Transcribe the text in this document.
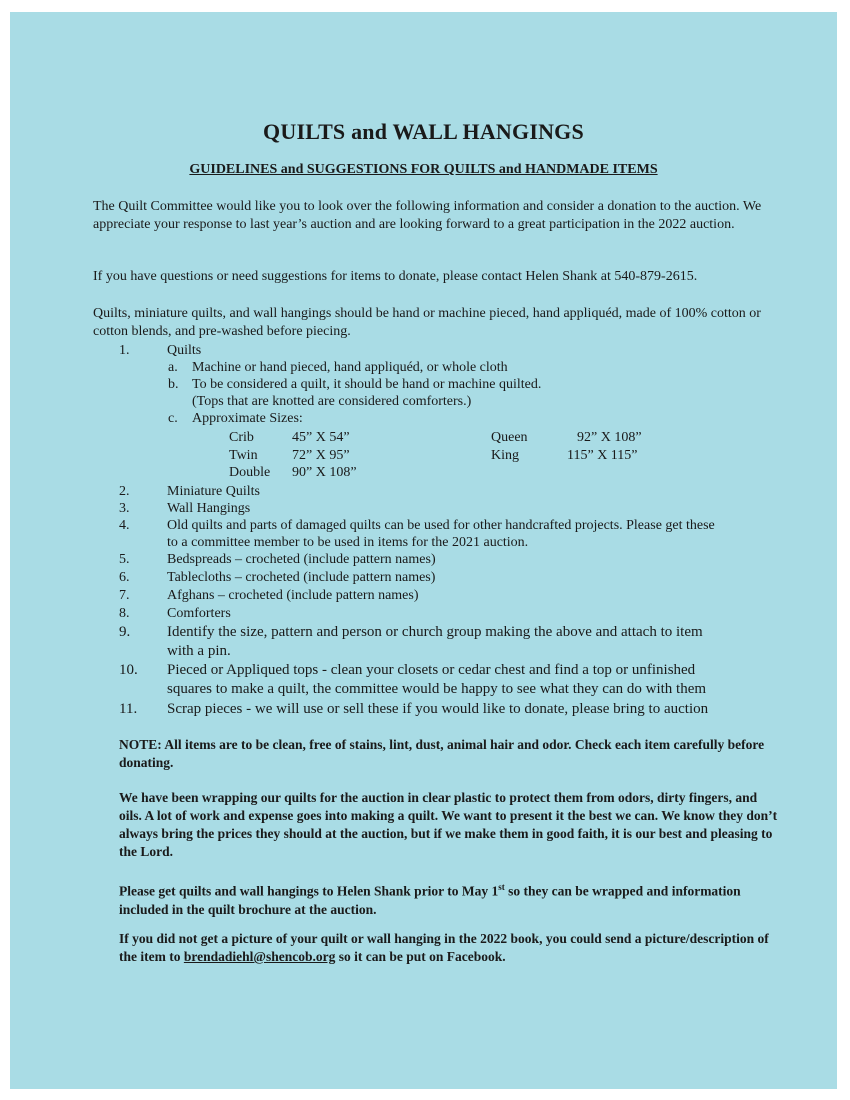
QUILTS and WALL HANGINGS
GUIDELINES and SUGGESTIONS FOR QUILTS and HANDMADE ITEMS
The Quilt Committee would like you to look over the following information and consider a donation to the auction. We appreciate your response to last year’s auction and are looking forward to a great participation in the 2022 auction.
If you have questions or need suggestions for items to donate, please contact Helen Shank at 540-879-2615.
Quilts, miniature quilts, and wall hangings should be hand or machine pieced, hand appliquéd, made of 100% cotton or cotton blends, and pre-washed before piecing.
1.	Quilts
a. Machine or hand pieced, hand appliquéd, or whole cloth
b. To be considered a quilt, it should be hand or machine quilted.
(Tops that are knotted are considered comforters.)
c. Approximate Sizes:
Crib	45” X 54”	Queen	92” X 108”
Twin 72” X 95”	King	115” X 115”
Double 90” X 108”
2.	Miniature Quilts
3.	Wall Hangings
4.	Old quilts and parts of damaged quilts can be used for other handcrafted projects. Please get these
to a committee member to be used in items for the 2021 auction.
5.	Bedspreads – crocheted (include pattern names)
6.	Tablecloths – crocheted (include pattern names)
7.	Afghans – crocheted (include pattern names)
8.	Comforters
9. Identify the size, pattern and person or church group making the above and attach to item
with a pin.
10. Pieced or Appliqued tops - clean your closets or cedar chest and find a top or unfinished
squares to make a quilt, the committee would be happy to see what they can do with them
11. Scrap pieces - we will use or sell these if you would like to donate, please bring to auction
NOTE: All items are to be clean, free of stains, lint, dust, animal hair and odor. Check each item carefully before donating.
We have been wrapping our quilts for the auction in clear plastic to protect them from odors, dirty fingers, and oils. A lot of work and expense goes into making a quilt. We want to present it the best we can. We know they don’t always bring the prices they should at the auction, but if we make them in good faith, it is our best and pleasing to the Lord.
Please get quilts and wall hangings to Helen Shank prior to May 1st so they can be wrapped and information included in the quilt brochure at the auction.
If you did not get a picture of your quilt or wall hanging in the 2022 book, you could send a picture/description of the item to brendadiehl@shencob.org so it can be put on Facebook.
